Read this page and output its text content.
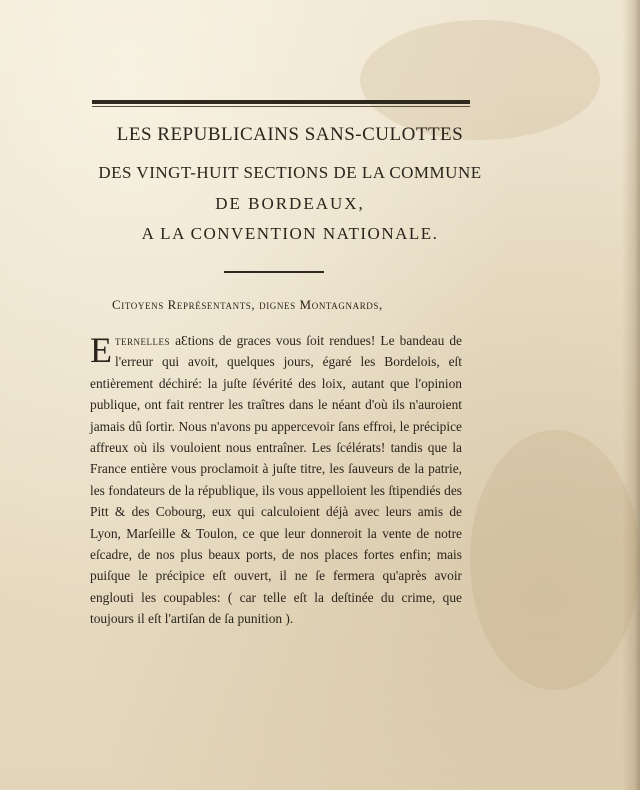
LES REPUBLICAINS SANS-CULOTTES
DES VINGT-HUIT SECTIONS DE LA COMMUNE
DE BORDEAUX,
A LA CONVENTION NATIONALE.
Citoyens Représentants, dignes Montagnards,

Eternelles aƐtions de graces vous ſoit rendues! Le bandeau de l'erreur qui avoit, quelques jours, égaré les Bordelois, eſt entièrement déchiré: la juſte ſévérité des loix, autant que l'opinion publique, ont fait rentrer les traîtres dans le néant d'où ils n'auroient jamais dû ſortir. Nous n'avons pu appercevoir ſans effroi, le précipice affreux où ils vouloient nous entraîner. Les ſcélérats! tandis que la France entière vous proclamoit à juſte titre, les ſauveurs de la patrie, les fondateurs de la république, ils vous appelloient les ſtipendiés des Pitt & des Cobourg, eux qui calculoient déjà avec leurs amis de Lyon, Marſeille & Toulon, ce que leur donneroit la vente de notre eſcadre, de nos plus beaux ports, de nos places fortes enfin; mais puiſque le précipice eſt ouvert, il ne ſe fermera qu'après avoir englouti les coupables: ( car telle eſt la deſtinée du crime, que toujours il eſt l'artiſan de ſa punition ).
